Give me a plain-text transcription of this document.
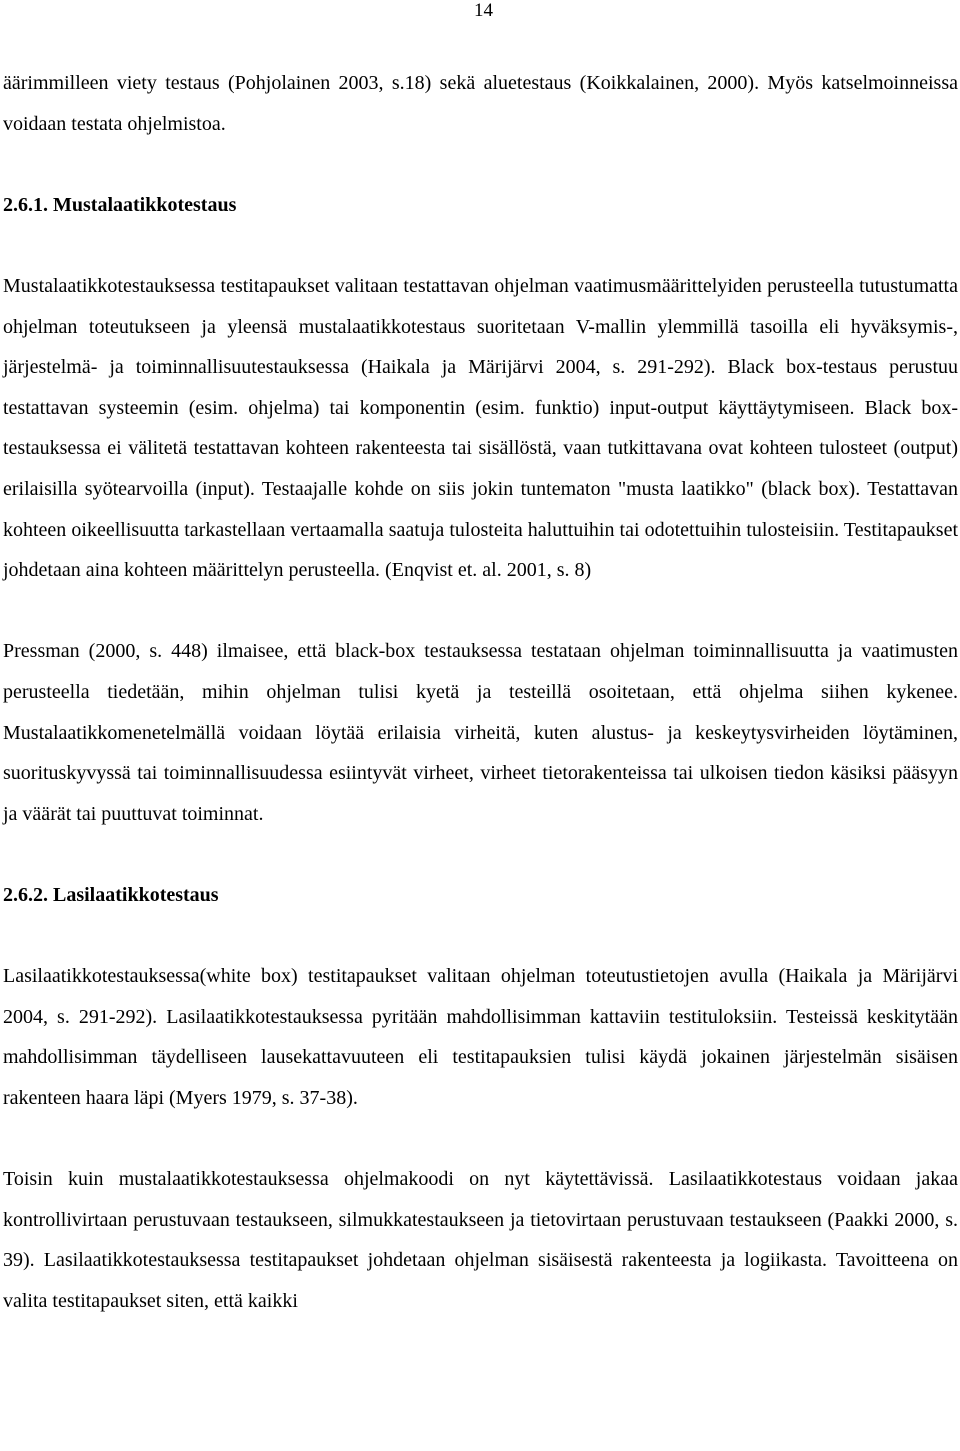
14

äärimmilleen viety testaus (Pohjolainen 2003, s.18) sekä aluetestaus (Koikkalainen, 2000). Myös katselmoinneissa voidaan testata ohjelmistoa.

2.6.1. Mustalaatikkotestaus

Mustalaatikkotestauksessa testitapaukset valitaan testattavan ohjelman vaatimusmäärittelyiden perusteella tutustumatta ohjelman toteutukseen ja yleensä mustalaatikkotestaus suoritetaan V-mallin ylemmillä tasoilla eli hyväksymis-, järjestelmä- ja toiminnallisuutestauksessa (Haikala ja Märijärvi 2004, s. 291-292). Black box-testaus perustuu testattavan systeemin (esim. ohjelma) tai komponentin (esim. funktio) input-output käyttäytymiseen. Black box-testauksessa ei välitetä testattavan kohteen rakenteesta tai sisällöstä, vaan tutkittavana ovat kohteen tulosteet (output) erilaisilla syötearvoilla (input). Testaajalle kohde on siis jokin tuntematon "musta laatikko" (black box). Testattavan kohteen oikeellisuutta tarkastellaan vertaamalla saatuja tulosteita haluttuihin tai odotettuihin tulosteisiin. Testitapaukset johdetaan aina kohteen määrittelyn perusteella. (Enqvist et. al. 2001, s. 8)

Pressman (2000, s. 448) ilmaisee, että black-box testauksessa testataan ohjelman toiminnallisuutta ja vaatimusten perusteella tiedetään, mihin ohjelman tulisi kyetä ja testeillä osoitetaan, että ohjelma siihen kykenee. Mustalaatikkomenetelmällä voidaan löytää erilaisia virheitä, kuten alustus- ja keskeytysvirheiden löytäminen, suorituskyvyssä tai toiminnallisuudessa esiintyvät virheet, virheet tietorakenteissa tai ulkoisen tiedon käsiksi pääsyyn ja väärät tai puuttuvat toiminnat.

2.6.2. Lasilaatikkotestaus

Lasilaatikkotestauksessa(white box) testitapaukset valitaan ohjelman toteutustietojen avulla (Haikala ja Märijärvi 2004, s. 291-292). Lasilaatikkotestauksessa pyritään mahdollisimman kattaviin testituloksiin. Testeissä keskitytään mahdollisimman täydelliseen lausekattavuuteen eli testitapauksien tulisi käydä jokainen järjestelmän sisäisen rakenteen haara läpi (Myers 1979, s. 37-38).

Toisin kuin mustalaatikkotestauksessa ohjelmakoodi on nyt käytettävissä. Lasilaatikkotestaus voidaan jakaa kontrollivirtaan perustuvaan testaukseen, silmukkatestaukseen ja tietovirtaan perustuvaan testaukseen (Paakki 2000, s. 39). Lasilaatikkotestauksessa testitapaukset johdetaan ohjelman sisäisestä rakenteesta ja logiikasta. Tavoitteena on valita testitapaukset siten, että kaikki
